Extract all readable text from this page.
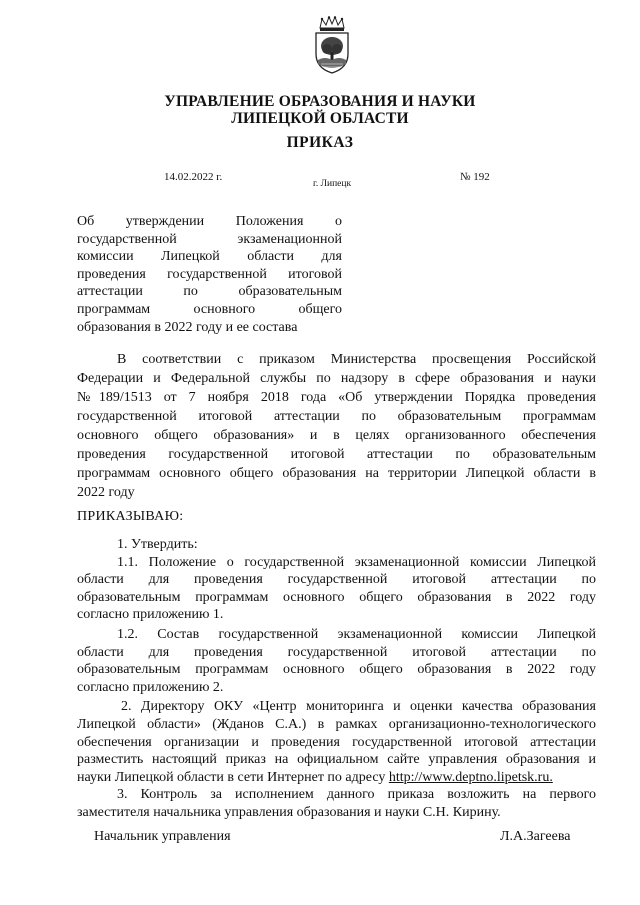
УПРАВЛЕНИЕ ОБРАЗОВАНИЯ И НАУКИ
ЛИПЕЦКОЙ ОБЛАСТИ
ПРИКАЗ
14.02.2022 г.
г. Липецк
№ 192
Об утверждении Положения о
государственной экзаменационной
комиссии Липецкой области для
проведения государственной итоговой
аттестации по образовательным
программам основного общего
образования в 2022 году и ее состава
В соответствии с приказом Министерства просвещения Российской
Федерации и Федеральной службы по надзору в сфере образования и науки
№189/1513 от 7 ноября 2018 года «Об утверждении Порядка проведения
государственной итоговой аттестации по образовательным программам
основного общего образования» и в целях организованного обеспечения
проведения государственной итоговой аттестации по образовательным
программам основного общего образования на территории Липецкой области в
2022 году
ПРИКАЗЫВАЮ:
1. Утвердить:
1.1. Положение о государственной экзаменационной комиссии Липецкой
области для проведения государственной итоговой аттестации по
образовательным программам основного общего образования в 2022 году
согласно приложению 1.
1.2. Состав государственной экзаменационной комиссии Липецкой
области для проведения государственной итоговой аттестации по
образовательным программам основного общего образования в 2022 году
согласно приложению 2.
2. Директору ОКУ «Центр мониторинга и оценки качества образования
Липецкой области» (Жданов С.А.) в рамках организационно-технологического
обеспечения организации и проведения государственной итоговой аттестации
разместить настоящий приказ на официальном сайте управления образования и
науки Липецкой области в сети Интернет по адресу http://www.deptno.lipetsk.ru.
3. Контроль за исполнением данного приказа возложить на первого
заместителя начальника управления образования и науки С.Н. Кирину.
Начальник управления	Л.А.Загеева
